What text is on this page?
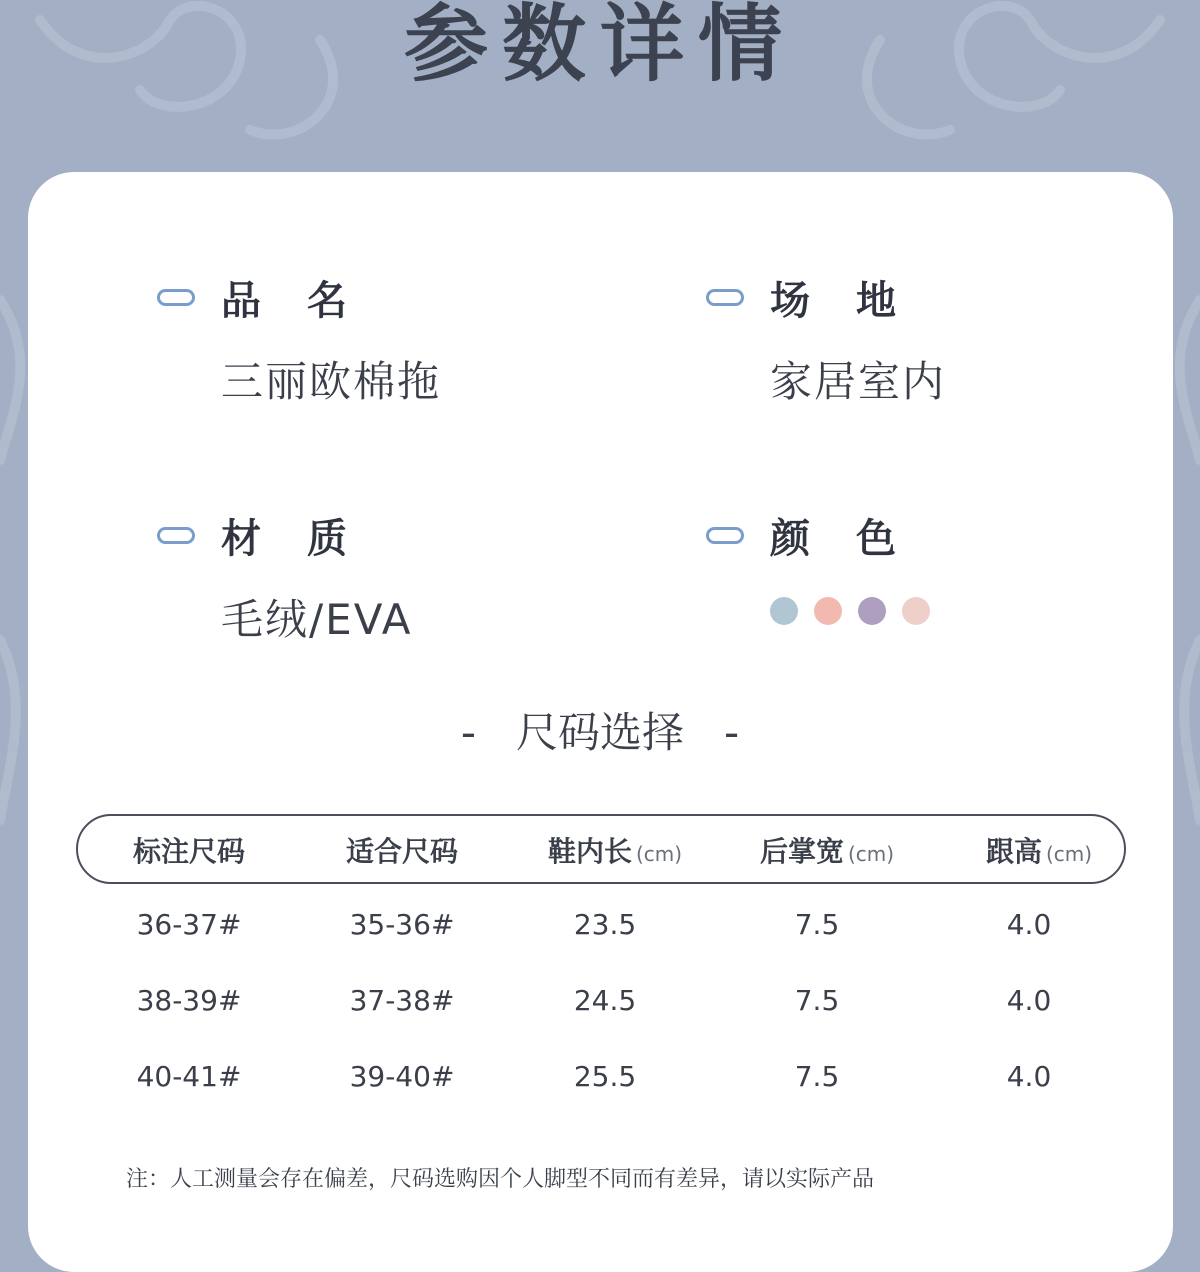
参数详情
品名
三丽欧棉拖
场地
家居室内
材质
毛绒/EVA
颜色
- 尺码选择 -
标注尺码	适合尺码	鞋内长 (cm)	后掌宽 (cm)	跟高 (cm)
36-37#	35-36#	23.5	7.5	4.0
38-39#	37-38#	24.5	7.5	4.0
40-41#	39-40#	25.5	7.5	4.0
注：人工测量会存在偏差，尺码选购因个人脚型不同而有差异，请以实际产品
